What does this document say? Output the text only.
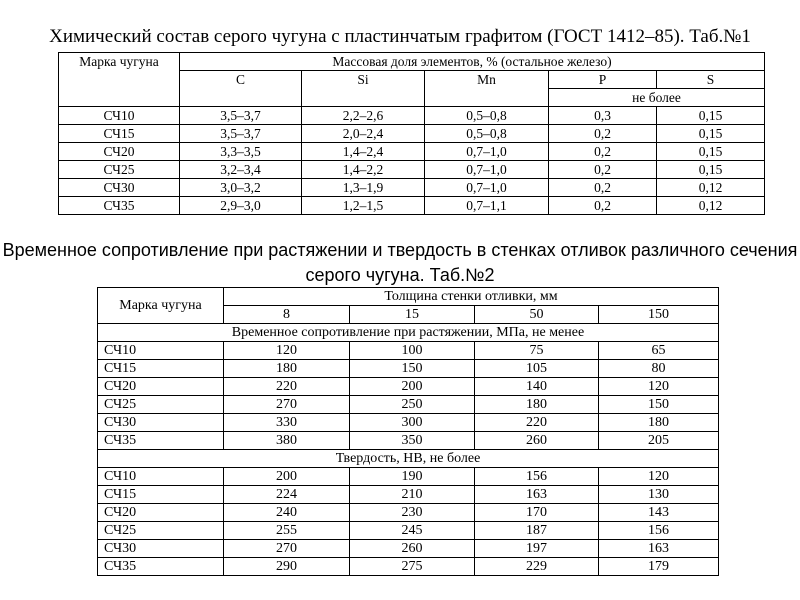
Химический состав серого чугуна с пластинчатым графитом (ГОСТ 1412–85). Таб.№1
Марка чугуна	Массовая доля элементов, % (остальное железо)				
	C	Si	Mn	P	S
				не более	
СЧ10	3,5–3,7	2,2–2,6	0,5–0,8	0,3	0,15
СЧ15	3,5–3,7	2,0–2,4	0,5–0,8	0,2	0,15
СЧ20	3,3–3,5	1,4–2,4	0,7–1,0	0,2	0,15
СЧ25	3,2–3,4	1,4–2,2	0,7–1,0	0,2	0,15
СЧ30	3,0–3,2	1,3–1,9	0,7–1,0	0,2	0,12
СЧ35	2,9–3,0	1,2–1,5	0,7–1,1	0,2	0,12
Временное сопротивление при растяжении и твердость в стенках отливок различного сечения серого чугуна. Таб.№2
Марка чугуна	Толщина стенки отливки, мм			
	8	15	50	150
Временное сопротивление при растяжении, МПа, не менее				
СЧ10	120	100	75	65
СЧ15	180	150	105	80
СЧ20	220	200	140	120
СЧ25	270	250	180	150
СЧ30	330	300	220	180
СЧ35	380	350	260	205
Твердость, НВ, не более				
СЧ10	200	190	156	120
СЧ15	224	210	163	130
СЧ20	240	230	170	143
СЧ25	255	245	187	156
СЧ30	270	260	197	163
СЧ35	290	275	229	179
